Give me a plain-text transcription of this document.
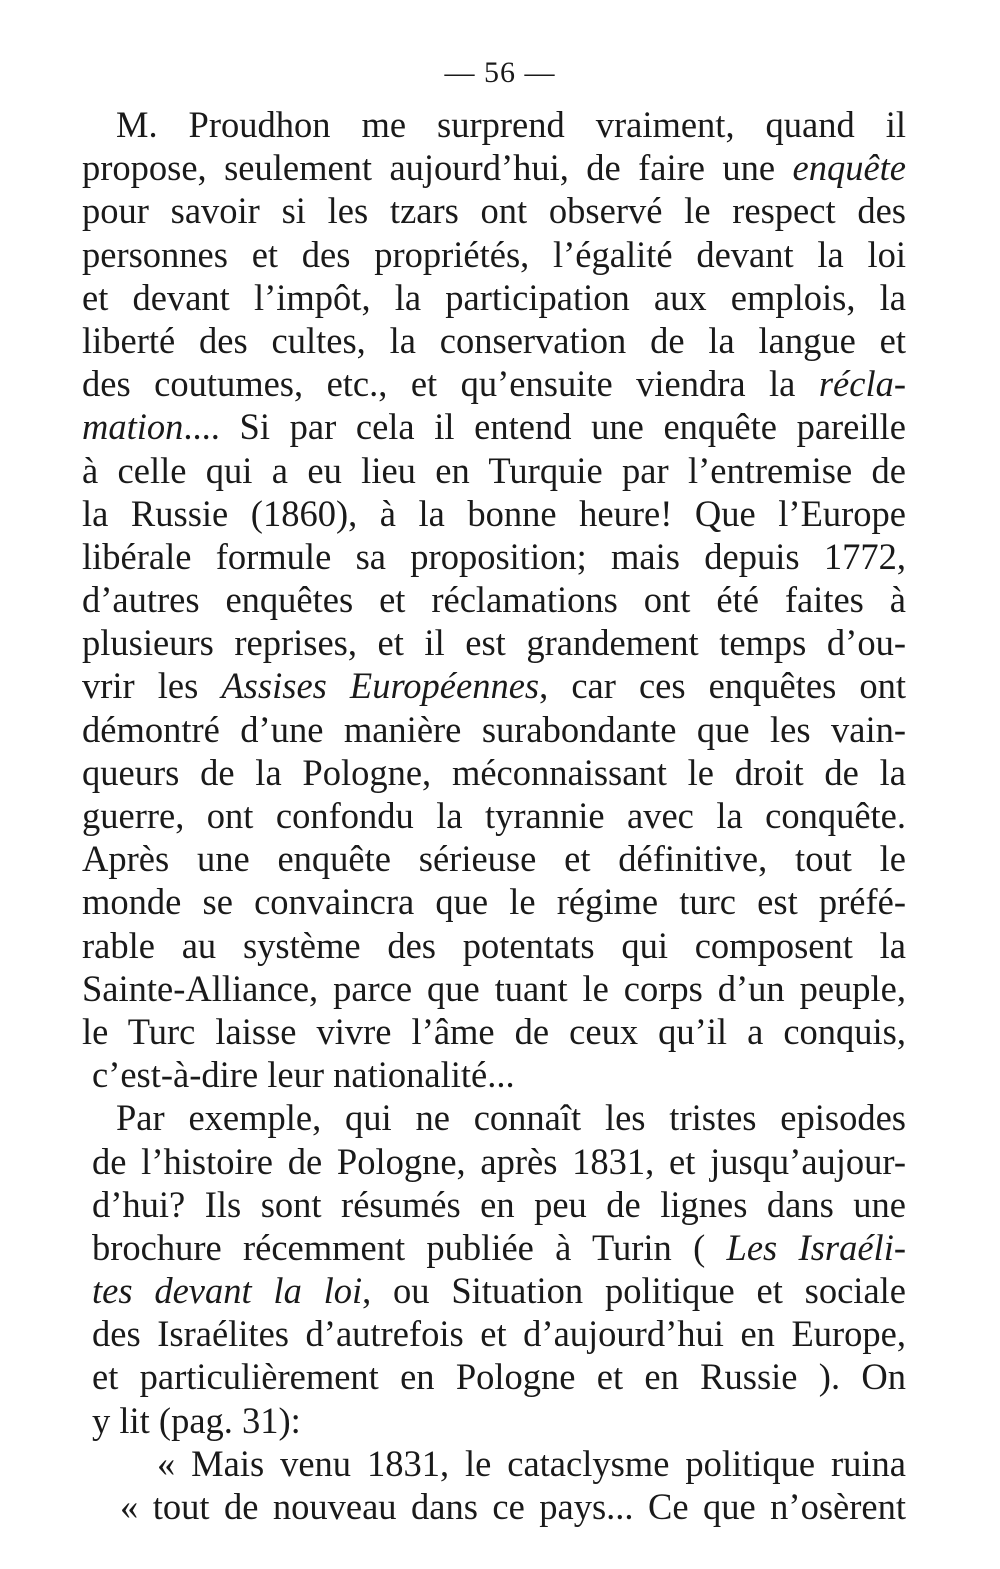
— 56 —
M. Proudhon me surprend vraiment, quand il
propose, seulement aujourd’hui, de faire une enquête
pour savoir si les tzars ont observé le respect des
personnes et des propriétés, l’égalité devant la loi
et devant l’impôt, la participation aux emplois, la
liberté des cultes, la conservation de la langue et
des coutumes, etc., et qu’ensuite viendra la récla-
mation.... Si par cela il entend une enquête pareille
à celle qui a eu lieu en Turquie par l’entremise de
la Russie (1860), à la bonne heure! Que l’Europe
libérale formule sa proposition; mais depuis 1772,
d’autres enquêtes et réclamations ont été faites à
plusieurs reprises, et il est grandement temps d’ou-
vrir les Assises Européennes, car ces enquêtes ont
démontré d’une manière surabondante que les vain-
queurs de la Pologne, méconnaissant le droit de la
guerre, ont confondu la tyrannie avec la conquête.
Après une enquête sérieuse et définitive, tout le
monde se convaincra que le régime turc est préfé-
rable au système des potentats qui composent la
Sainte-Alliance, parce que tuant le corps d’un peuple,
le Turc laisse vivre l’âme de ceux qu’il a conquis,
c’est-à-dire leur nationalité...
Par exemple, qui ne connaît les tristes episodes
de l’histoire de Pologne, après 1831, et jusqu’aujour-
d’hui? Ils sont résumés en peu de lignes dans une
brochure récemment publiée à Turin ( Les Israéli-
tes devant la loi, ou Situation politique et sociale
des Israélites d’autrefois et d’aujourd’hui en Europe,
et particulièrement en Pologne et en Russie ). On
y lit (pag. 31):
« Mais venu 1831, le cataclysme politique ruina
« tout de nouveau dans ce pays... Ce que n’osèrent
